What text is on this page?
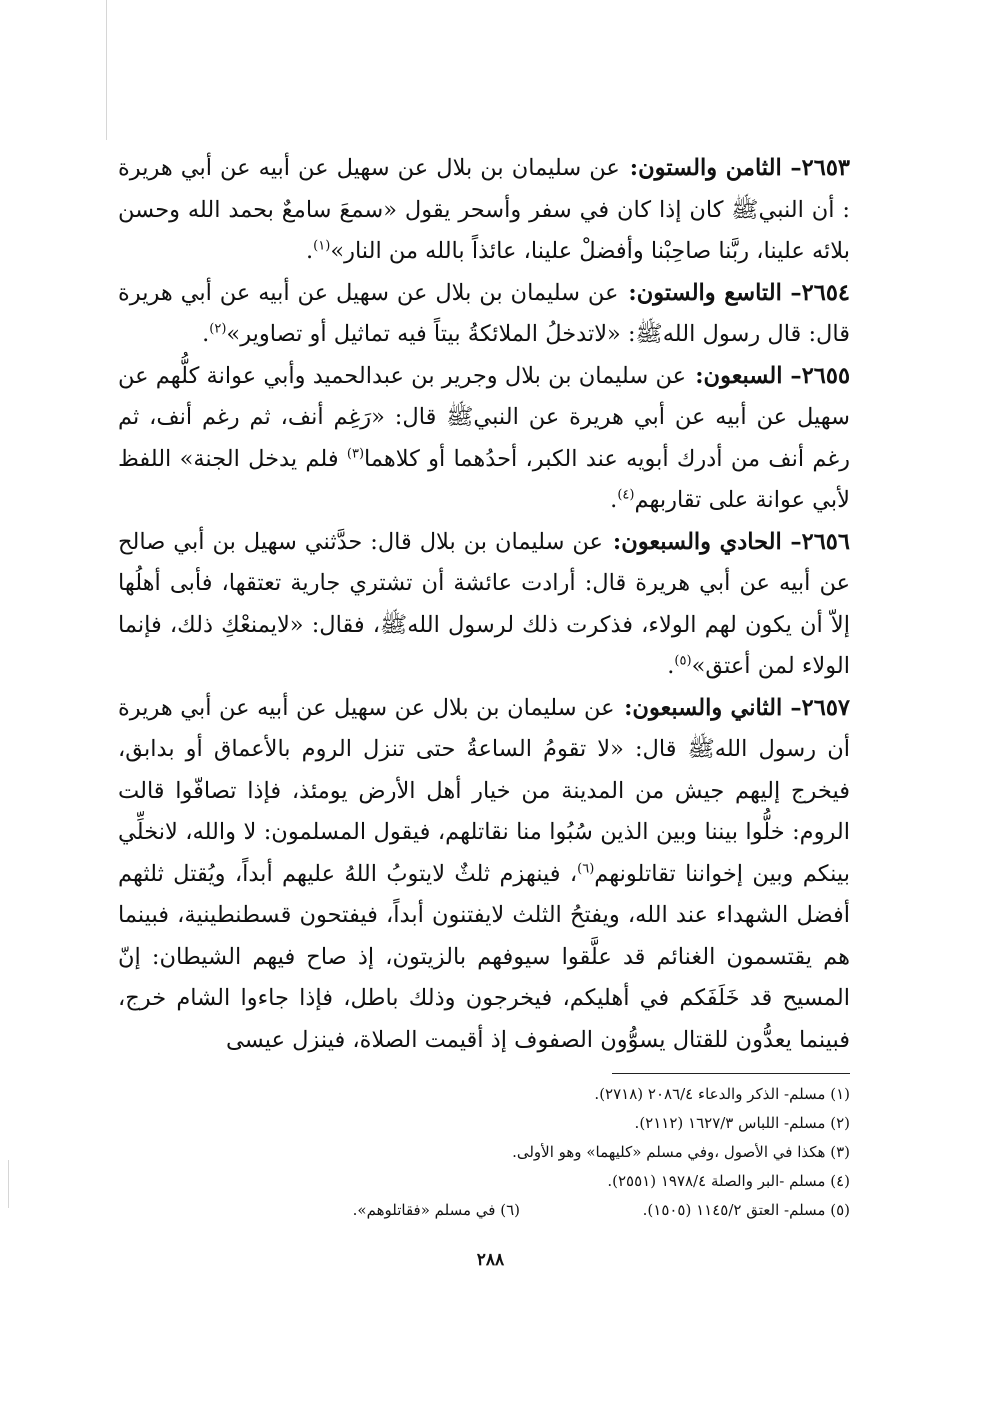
٢٦٥٣– الثامن والستون: عن سليمان بن بلال عن سهيل عن أبيه عن أبي هريرة : أن النبيﷺ كان إذا كان في سفر وأسحر يقول «سمعَ سامعٌ بحمد الله وحسن بلائه علينا، ربَّنا صاحِبْنا وأفضلْ علينا، عائذاً بالله من النار»$^{(١)}$.

٢٦٥٤– التاسع والستون: عن سليمان بن بلال عن سهيل عن أبيه عن أبي هريرة قال: قال رسول اللهﷺ: «لاتدخلُ الملائكةُ بيتاً فيه تماثيل أو تصاوير»$^{(٢)}$.

٢٦٥٥– السبعون: عن سليمان بن بلال وجرير بن عبدالحميد وأبي عوانة كلُّهم عن سهيل عن أبيه عن أبي هريرة عن النبيﷺ قال: «رَغِم أنف، ثم رغم أنف، ثم رغم أنف من أدرك أبويه عند الكبر، أحدُهما أو كلاهما$^{(٣)}$ فلم يدخل الجنة» اللفظ لأبي عوانة على تقاربهم$^{(٤)}$.

٢٦٥٦– الحادي والسبعون: عن سليمان بن بلال قال: حدَّثني سهيل بن أبي صالح عن أبيه عن أبي هريرة قال: أرادت عائشة أن تشتري جارية تعتقها، فأبى أهلُها إلاّ أن يكون لهم الولاء، فذكرت ذلك لرسول اللهﷺ، فقال: «لايمنعْكِ ذلك، فإنما الولاء لمن أعتق»$^{(٥)}$.

٢٦٥٧– الثاني والسبعون: عن سليمان بن بلال عن سهيل عن أبيه عن أبي هريرة أن رسول اللهﷺ قال: «لا تقومُ الساعةُ حتى تنزل الروم بالأعماق أو بدابق، فيخرج إليهم جيش من المدينة من خيار أهل الأرض يومئذ، فإذا تصافّوا قالت الروم: خلُّوا بيننا وبين الذين سُبُوا منا نقاتلهم، فيقول المسلمون: لا والله، لانخلِّي بينكم وبين إخواننا تقاتلونهم$^{(٦)}$، فينهزم ثلثٌ لايتوبُ اللهُ عليهم أبداً، ويُقتل ثلثهم أفضل الشهداء عند الله، ويفتحُ الثلث لايفتنون أبداً، فيفتحون قسطنطينية، فبينما هم يقتسمون الغنائم قد علَّقوا سيوفهم بالزيتون، إذ صاح فيهم الشيطان: إنّ المسيح قد خَلَفَكم في أهليكم، فيخرجون وذلك باطل، فإذا جاءوا الشام خرج، فبينما يعدُّون للقتال يسوُّون الصفوف إذ أقيمت الصلاة، فينزل عيسى

(١) مسلم- الذكر والدعاء ٢٠٨٦/٤ (٢٧١٨).
(٢) مسلم- اللباس ١٦٢٧/٣ (٢١١٢).
(٣) هكذا في الأصول ،وفي مسلم «كليهما» وهو الأولى.
(٤) مسلم -البر والصلة ١٩٧٨/٤ (٢٥٥١).
(٥) مسلم- العتق ١١٤٥/٢ (١٥٠٥).
(٦) في مسلم «فقاتلوهم».
٢٨٨
